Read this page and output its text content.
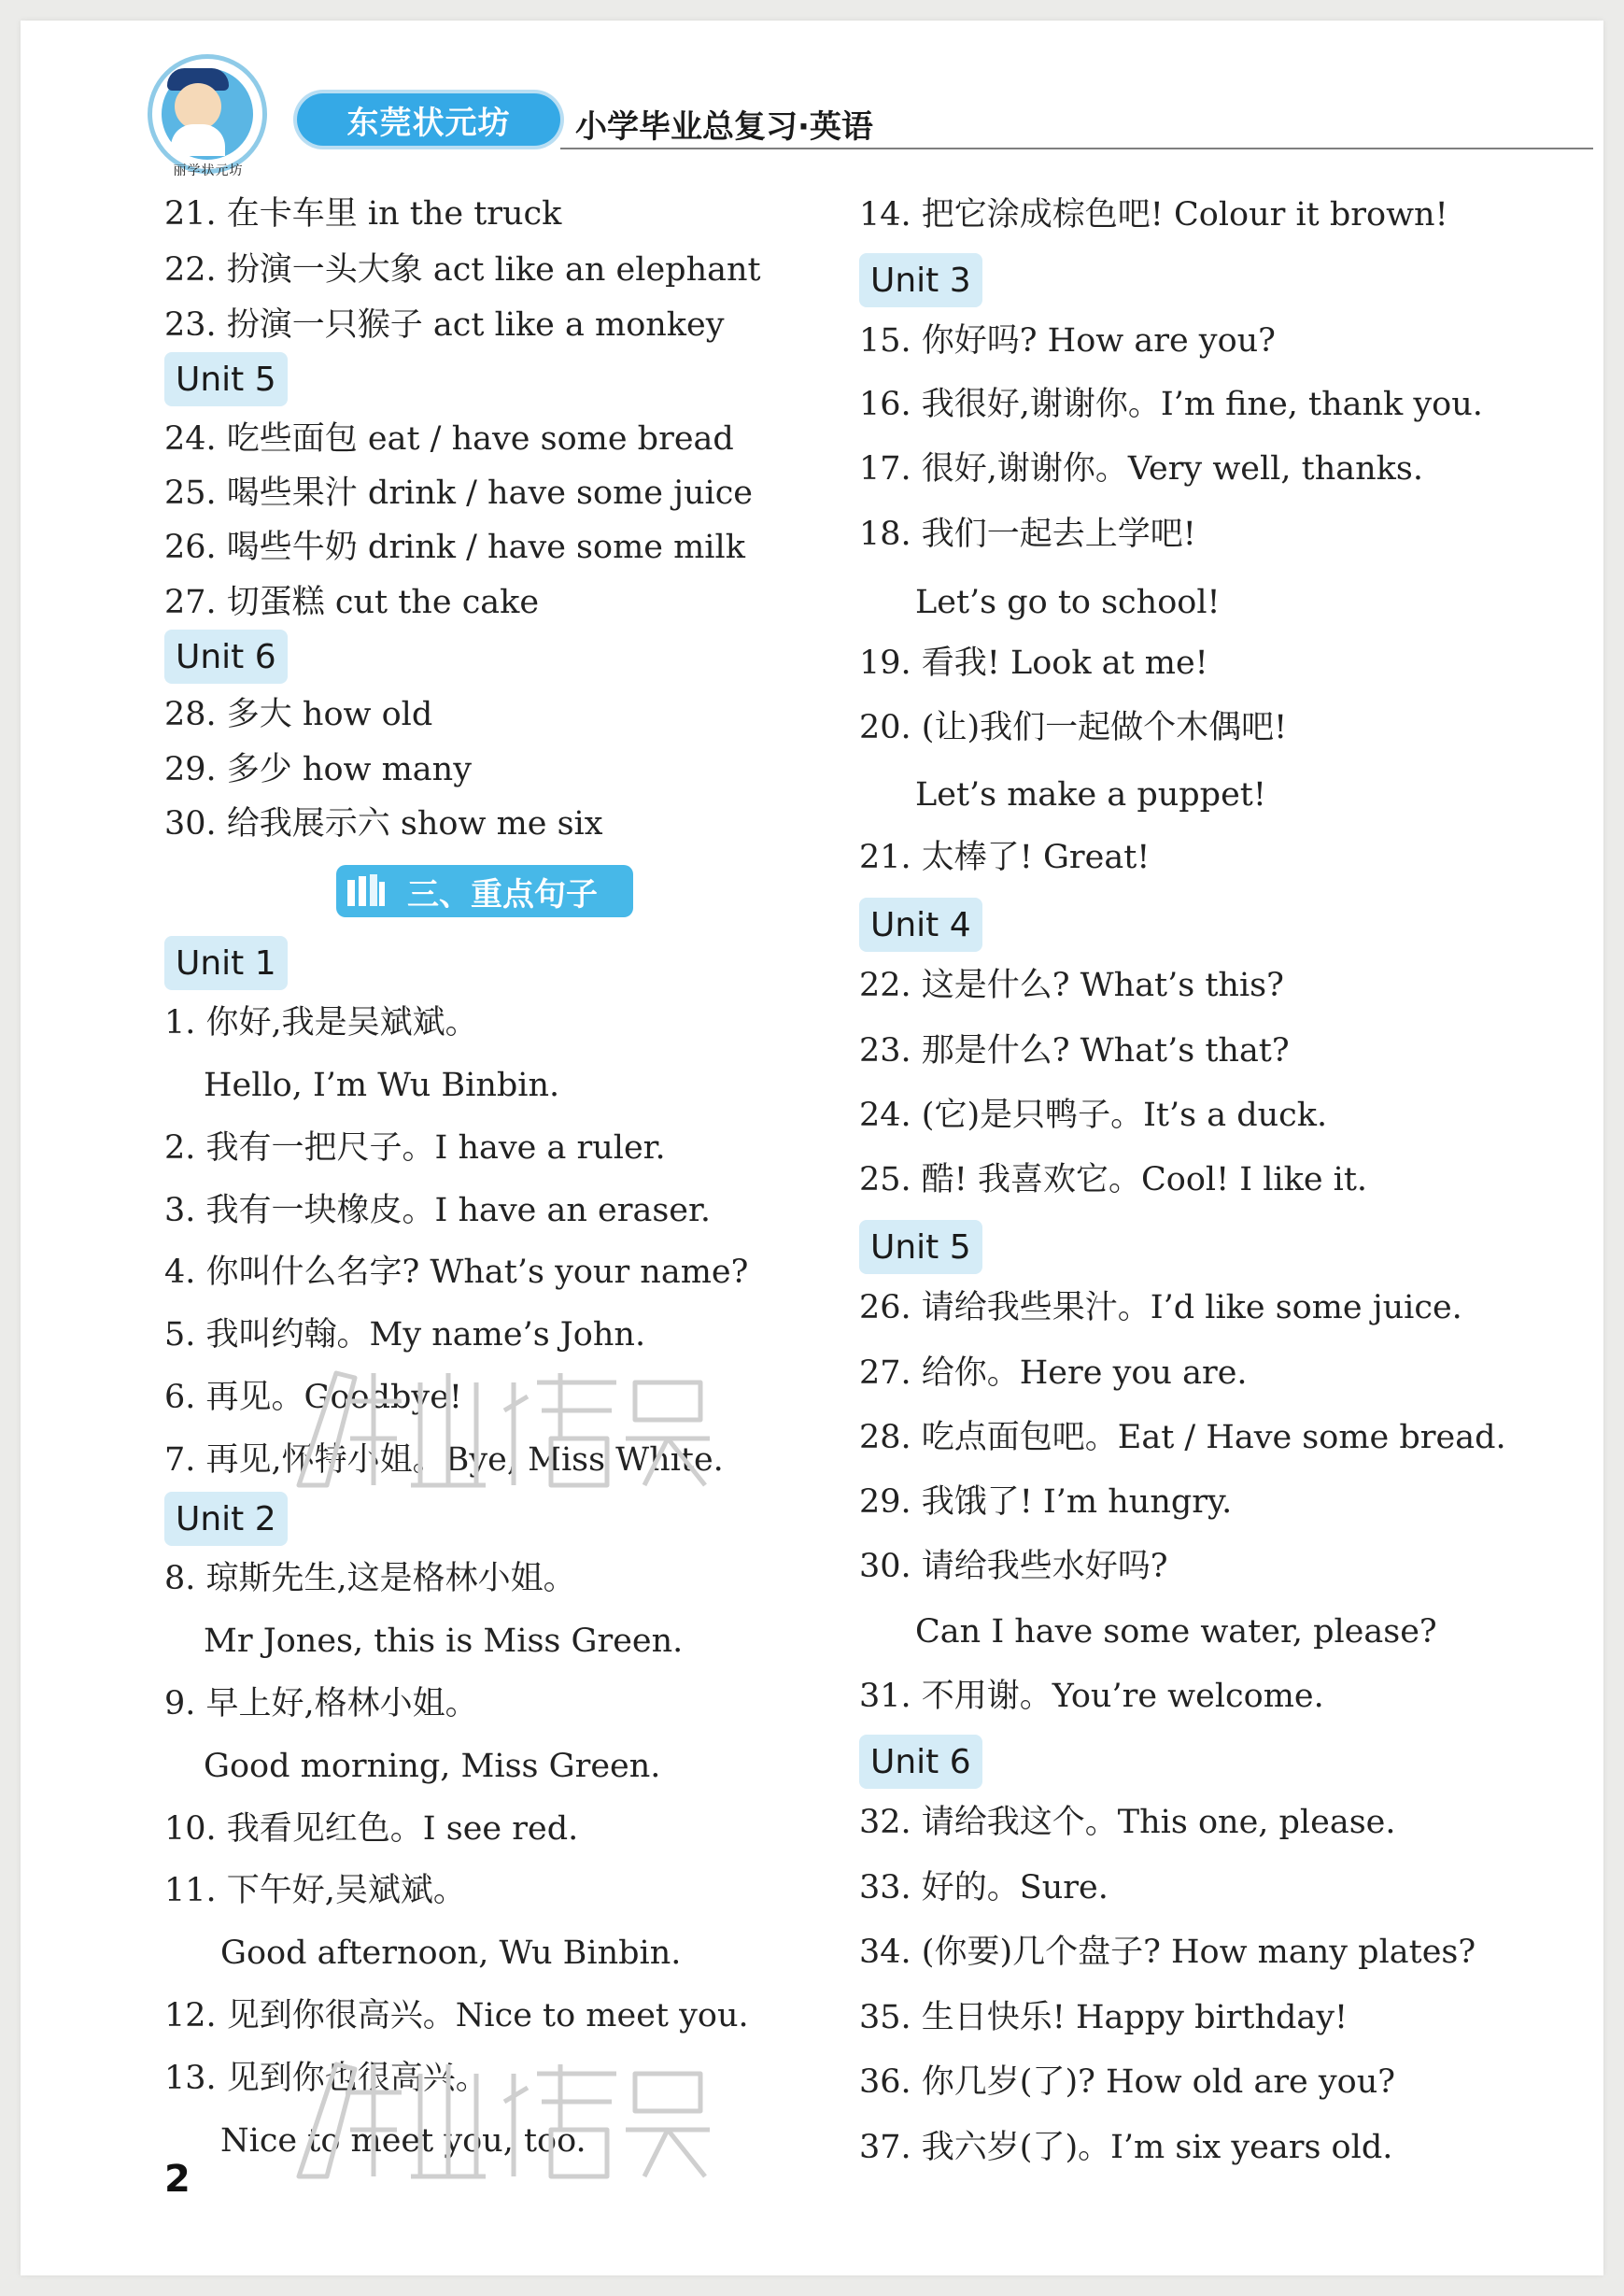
丽学状元坊
东莞状元坊	小学毕业总复习·英语
21. 在卡车里 in the truck
22. 扮演一头大象 act like an elephant
23. 扮演一只猴子 act like a monkey
Unit 5
24. 吃些面包 eat / have some bread
25. 喝些果汁 drink / have some juice
26. 喝些牛奶 drink / have some milk
27. 切蛋糕 cut the cake
Unit 6
28. 多大 how old
29. 多少 how many
30. 给我展示六 show me six
三、重点句子
Unit 1
1. 你好,我是吴斌斌。
Hello, I’m Wu Binbin.
2. 我有一把尺子。I have a ruler.
3. 我有一块橡皮。I have an eraser.
4. 你叫什么名字? What’s your name?
5. 我叫约翰。My name’s John.
6. 再见。Goodbye!
7. 再见,怀特小姐。Bye, Miss White.
Unit 2
8. 琼斯先生,这是格林小姐。
Mr Jones, this is Miss Green.
9. 早上好,格林小姐。
Good morning, Miss Green.
10. 我看见红色。I see red.
11. 下午好,吴斌斌。
Good afternoon, Wu Binbin.
12. 见到你很高兴。Nice to meet you.
13. 见到你也很高兴。
Nice to meet you, too.
14. 把它涂成棕色吧! Colour it brown!
Unit 3
15. 你好吗? How are you?
16. 我很好,谢谢你。I’m fine, thank you.
17. 很好,谢谢你。Very well, thanks.
18. 我们一起去上学吧!
Let’s go to school!
19. 看我! Look at me!
20. (让)我们一起做个木偶吧!
Let’s make a puppet!
21. 太棒了! Great!
Unit 4
22. 这是什么? What’s this?
23. 那是什么? What’s that?
24. (它)是只鸭子。It’s a duck.
25. 酷! 我喜欢它。Cool! I like it.
Unit 5
26. 请给我些果汁。I’d like some juice.
27. 给你。Here you are.
28. 吃点面包吧。Eat / Have some bread.
29. 我饿了! I’m hungry.
30. 请给我些水好吗?
Can I have some water, please?
31. 不用谢。You’re welcome.
Unit 6
32. 请给我这个。This one, please.
33. 好的。Sure.
34. (你要)几个盘子? How many plates?
35. 生日快乐! Happy birthday!
36. 你几岁(了)? How old are you?
37. 我六岁(了)。I’m six years old.
2
